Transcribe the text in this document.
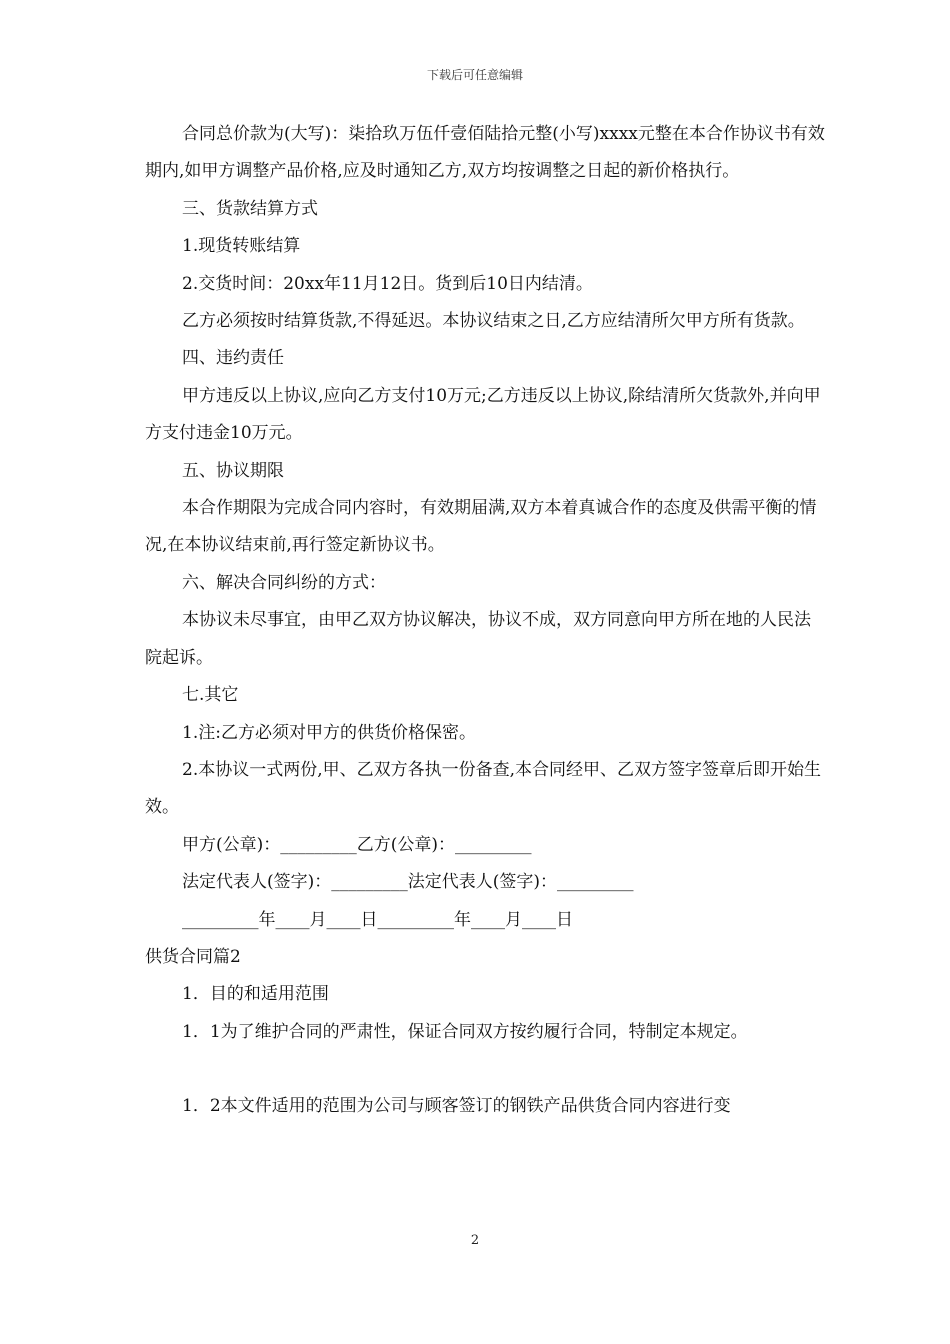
下载后可任意编辑

合同总价款为(大写)：柒拾玖万伍仟壹佰陆拾元整(小写)xxxx元整在本合作协议书有效期内,如甲方调整产品价格,应及时通知乙方,双方均按调整之日起的新价格执行。

三、货款结算方式

1.现货转账结算

2.交货时间：20xx年11月12日。货到后10日内结清。

乙方必须按时结算货款,不得延迟。本协议结束之日,乙方应结清所欠甲方所有货款。

四、违约责任

甲方违反以上协议,应向乙方支付10万元;乙方违反以上协议,除结清所欠货款外,并向甲方支付违金10万元。

五、协议期限

本合作期限为完成合同内容时，有效期届满,双方本着真诚合作的态度及供需平衡的情况,在本协议结束前,再行签定新协议书。

六、解决合同纠纷的方式：

本协议未尽事宜，由甲乙双方协议解决，协议不成，双方同意向甲方所在地的人民法院起诉。

七.其它

1.注:乙方必须对甲方的供货价格保密。

2.本协议一式两份,甲、乙双方各执一份备查,本合同经甲、乙双方签字签章后即开始生效。

甲方(公章)：_________乙方(公章)：_________

法定代表人(签字)：_________法定代表人(签字)：_________

_________年____月____日_________年____月____日

供货合同篇2

1．目的和适用范围

1．1为了维护合同的严肃性，保证合同双方按约履行合同，特制定本规定。

1．2本文件适用的范围为公司与顾客签订的钢铁产品供货合同内容进行变

2
